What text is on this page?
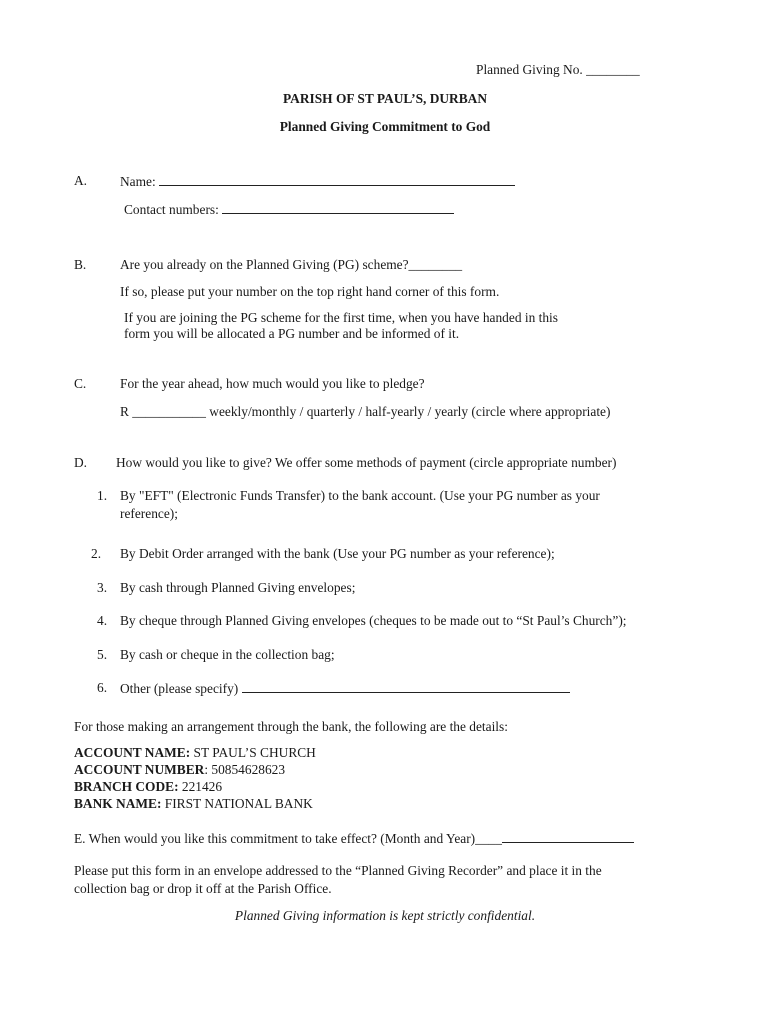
Planned Giving No. ________
PARISH OF ST PAUL’S, DURBAN
Planned Giving Commitment to God
A. Name:
Contact numbers:
B.	Are you already on the Planned Giving (PG) scheme?________
If so, please put your number on the top right hand corner of this form.
If you are joining the PG scheme for the first time, when you have handed in this
form you will be allocated a PG number and be informed of it.
C.	For the year ahead, how much would you like to pledge?
R ___________ weekly/monthly / quarterly / half-yearly / yearly (circle where appropriate)
D. How would you like to give? We offer some methods of payment (circle appropriate number)
1. By "EFT" (Electronic Funds Transfer) to the bank account. (Use your PG number as your
reference);
2. By Debit Order arranged with the bank (Use your PG number as your reference);
3. By cash through Planned Giving envelopes;
4. By cheque through Planned Giving envelopes (cheques to be made out to “St Paul’s Church”);
5. By cash or cheque in the collection bag;
6. Other (please specify)
For those making an arrangement through the bank, the following are the details:
ACCOUNT NAME: ST PAUL’S CHURCH
ACCOUNT NUMBER: 50854628623
BRANCH CODE: 221426
BANK NAME: FIRST NATIONAL BANK
E. When would you like this commitment to take effect? (Month and Year)____
Please put this form in an envelope addressed to the “Planned Giving Recorder” and place it in the
collection bag or drop it off at the Parish Office.
Planned Giving information is kept strictly confidential.
